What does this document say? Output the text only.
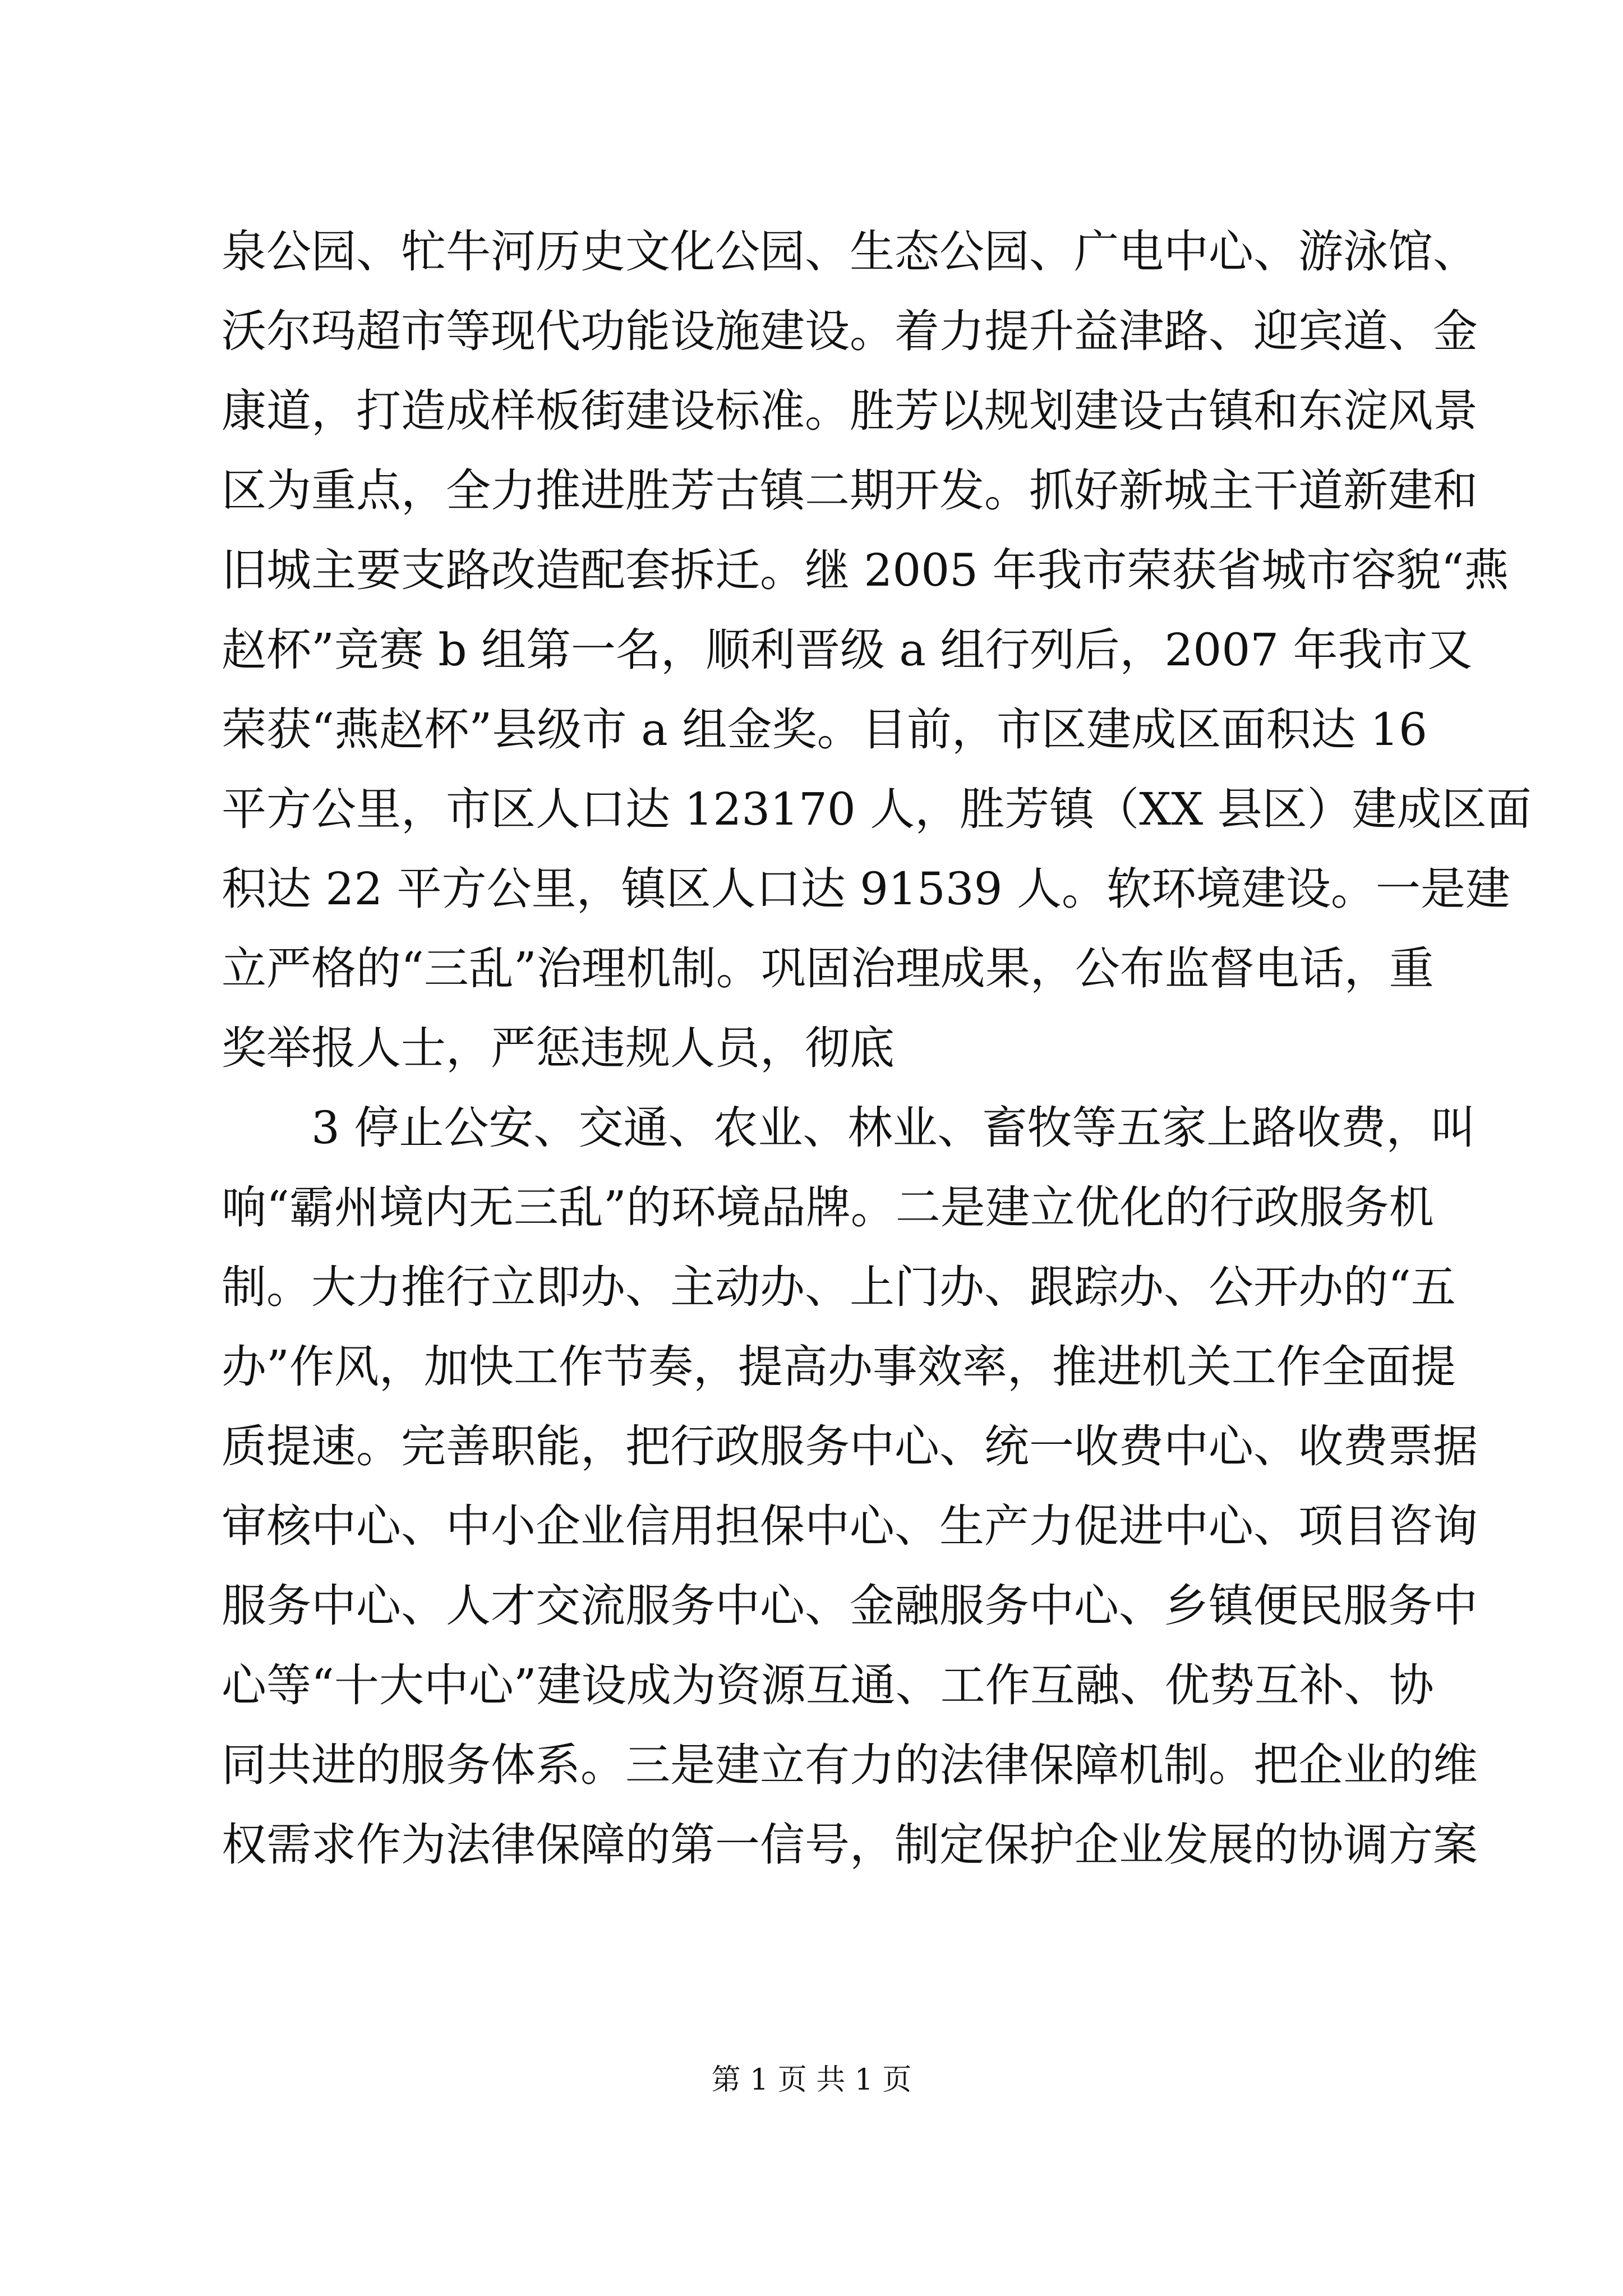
泉公园、牤牛河历史文化公园、生态公园、广电中心、游泳馆、
沃尔玛超市等现代功能设施建设。着力提升益津路、迎宾道、金
康道，打造成样板街建设标准。胜芳以规划建设古镇和东淀风景
区为重点，全力推进胜芳古镇二期开发。抓好新城主干道新建和
旧城主要支路改造配套拆迁。继 2005 年我市荣获省城市容貌“燕
赵杯”竞赛 b 组第一名，顺利晋级 a 组行列后，2007 年我市又
荣获“燕赵杯”县级市 a 组金奖。目前，市区建成区面积达 16
平方公里，市区人口达 123170 人，胜芳镇（XX 县区）建成区面
积达 22 平方公里，镇区人口达 91539 人。软环境建设。一是建
立严格的“三乱”治理机制。巩固治理成果，公布监督电话，重
奖举报人士，严惩违规人员，彻底
3 停止公安、交通、农业、林业、畜牧等五家上路收费，叫
响“霸州境内无三乱”的环境品牌。二是建立优化的行政服务机
制。大力推行立即办、主动办、上门办、跟踪办、公开办的“五
办”作风，加快工作节奏，提高办事效率，推进机关工作全面提
质提速。完善职能，把行政服务中心、统一收费中心、收费票据
审核中心、中小企业信用担保中心、生产力促进中心、项目咨询
服务中心、人才交流服务中心、金融服务中心、乡镇便民服务中
心等“十大中心”建设成为资源互通、工作互融、优势互补、协
同共进的服务体系。三是建立有力的法律保障机制。把企业的维
权需求作为法律保障的第一信号，制定保护企业发展的协调方案
第 1 页 共 1 页
